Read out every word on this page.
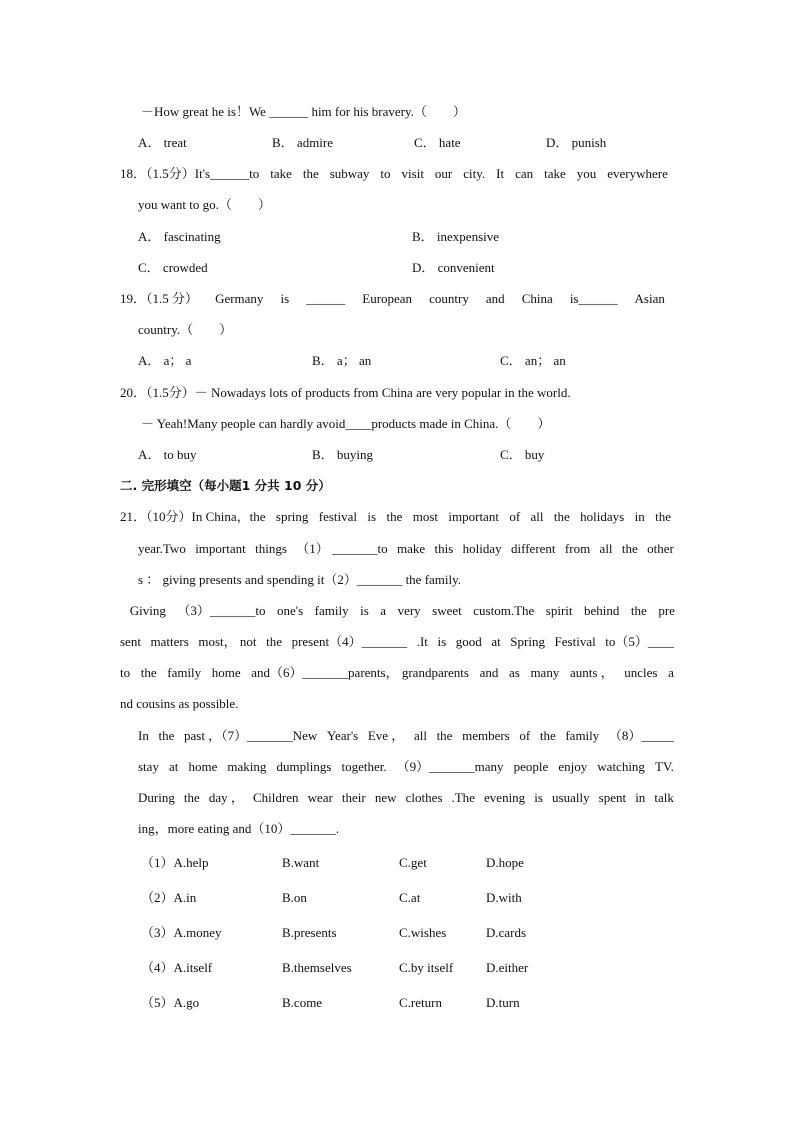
－How great he is！We ______ him for his bravery.（　　）
A． treat	B． admire	C． hate	D． punish
18．（1.5分）It's______to take the subway to visit our city. It can take you everywhere
you want to go.（　　）
A． fascinating	B． inexpensive
C． crowded	D． convenient
19．（1.5 分） Germany is ______ European country and China is______ Asian
country.（　　）
A． a； a	B． a； an	C． an； an
20．（1.5分）－ Nowadays lots of products from China are very popular in the world.
－ Yeah!Many people can hardly avoid____products made in China.（　　）
A． to buy	B． buying	C． buy
二. 完形填空（每小题1 分共 10 分）
21．（10分）In China，the spring festival is the most important of all the holidays in the
year.Two important things （1） _______to make this holiday different from all the other
s ： giving presents and spending it（2）_______ the family.
Giving （3）_______to one's family is a very sweet custom.The spirit behind the pre
sent matters most， not the present（4）_______ .It is good at Spring Festival to（5）____
to the family home and（6）_______parents， grandparents and as many aunts ， uncles a
nd cousins as possible.
In the past ，（7）_______New Year's Eve ， all the members of the family （8）_____
stay at home making dumplings together. （9）_______many people enjoy watching TV.
During the day ， Children wear their new clothes .The evening is usually spent in talk
ing，more eating and（10）_______.
（1）A.help	B.want	C.get	D.hope
（2）A.in	B.on	C.at	D.with
（3）A.money	B.presents	C.wishes	D.cards
（4）A.itself	B.themselves	C.by itself	D.either
（5）A.go	B.come	C.return	D.turn
